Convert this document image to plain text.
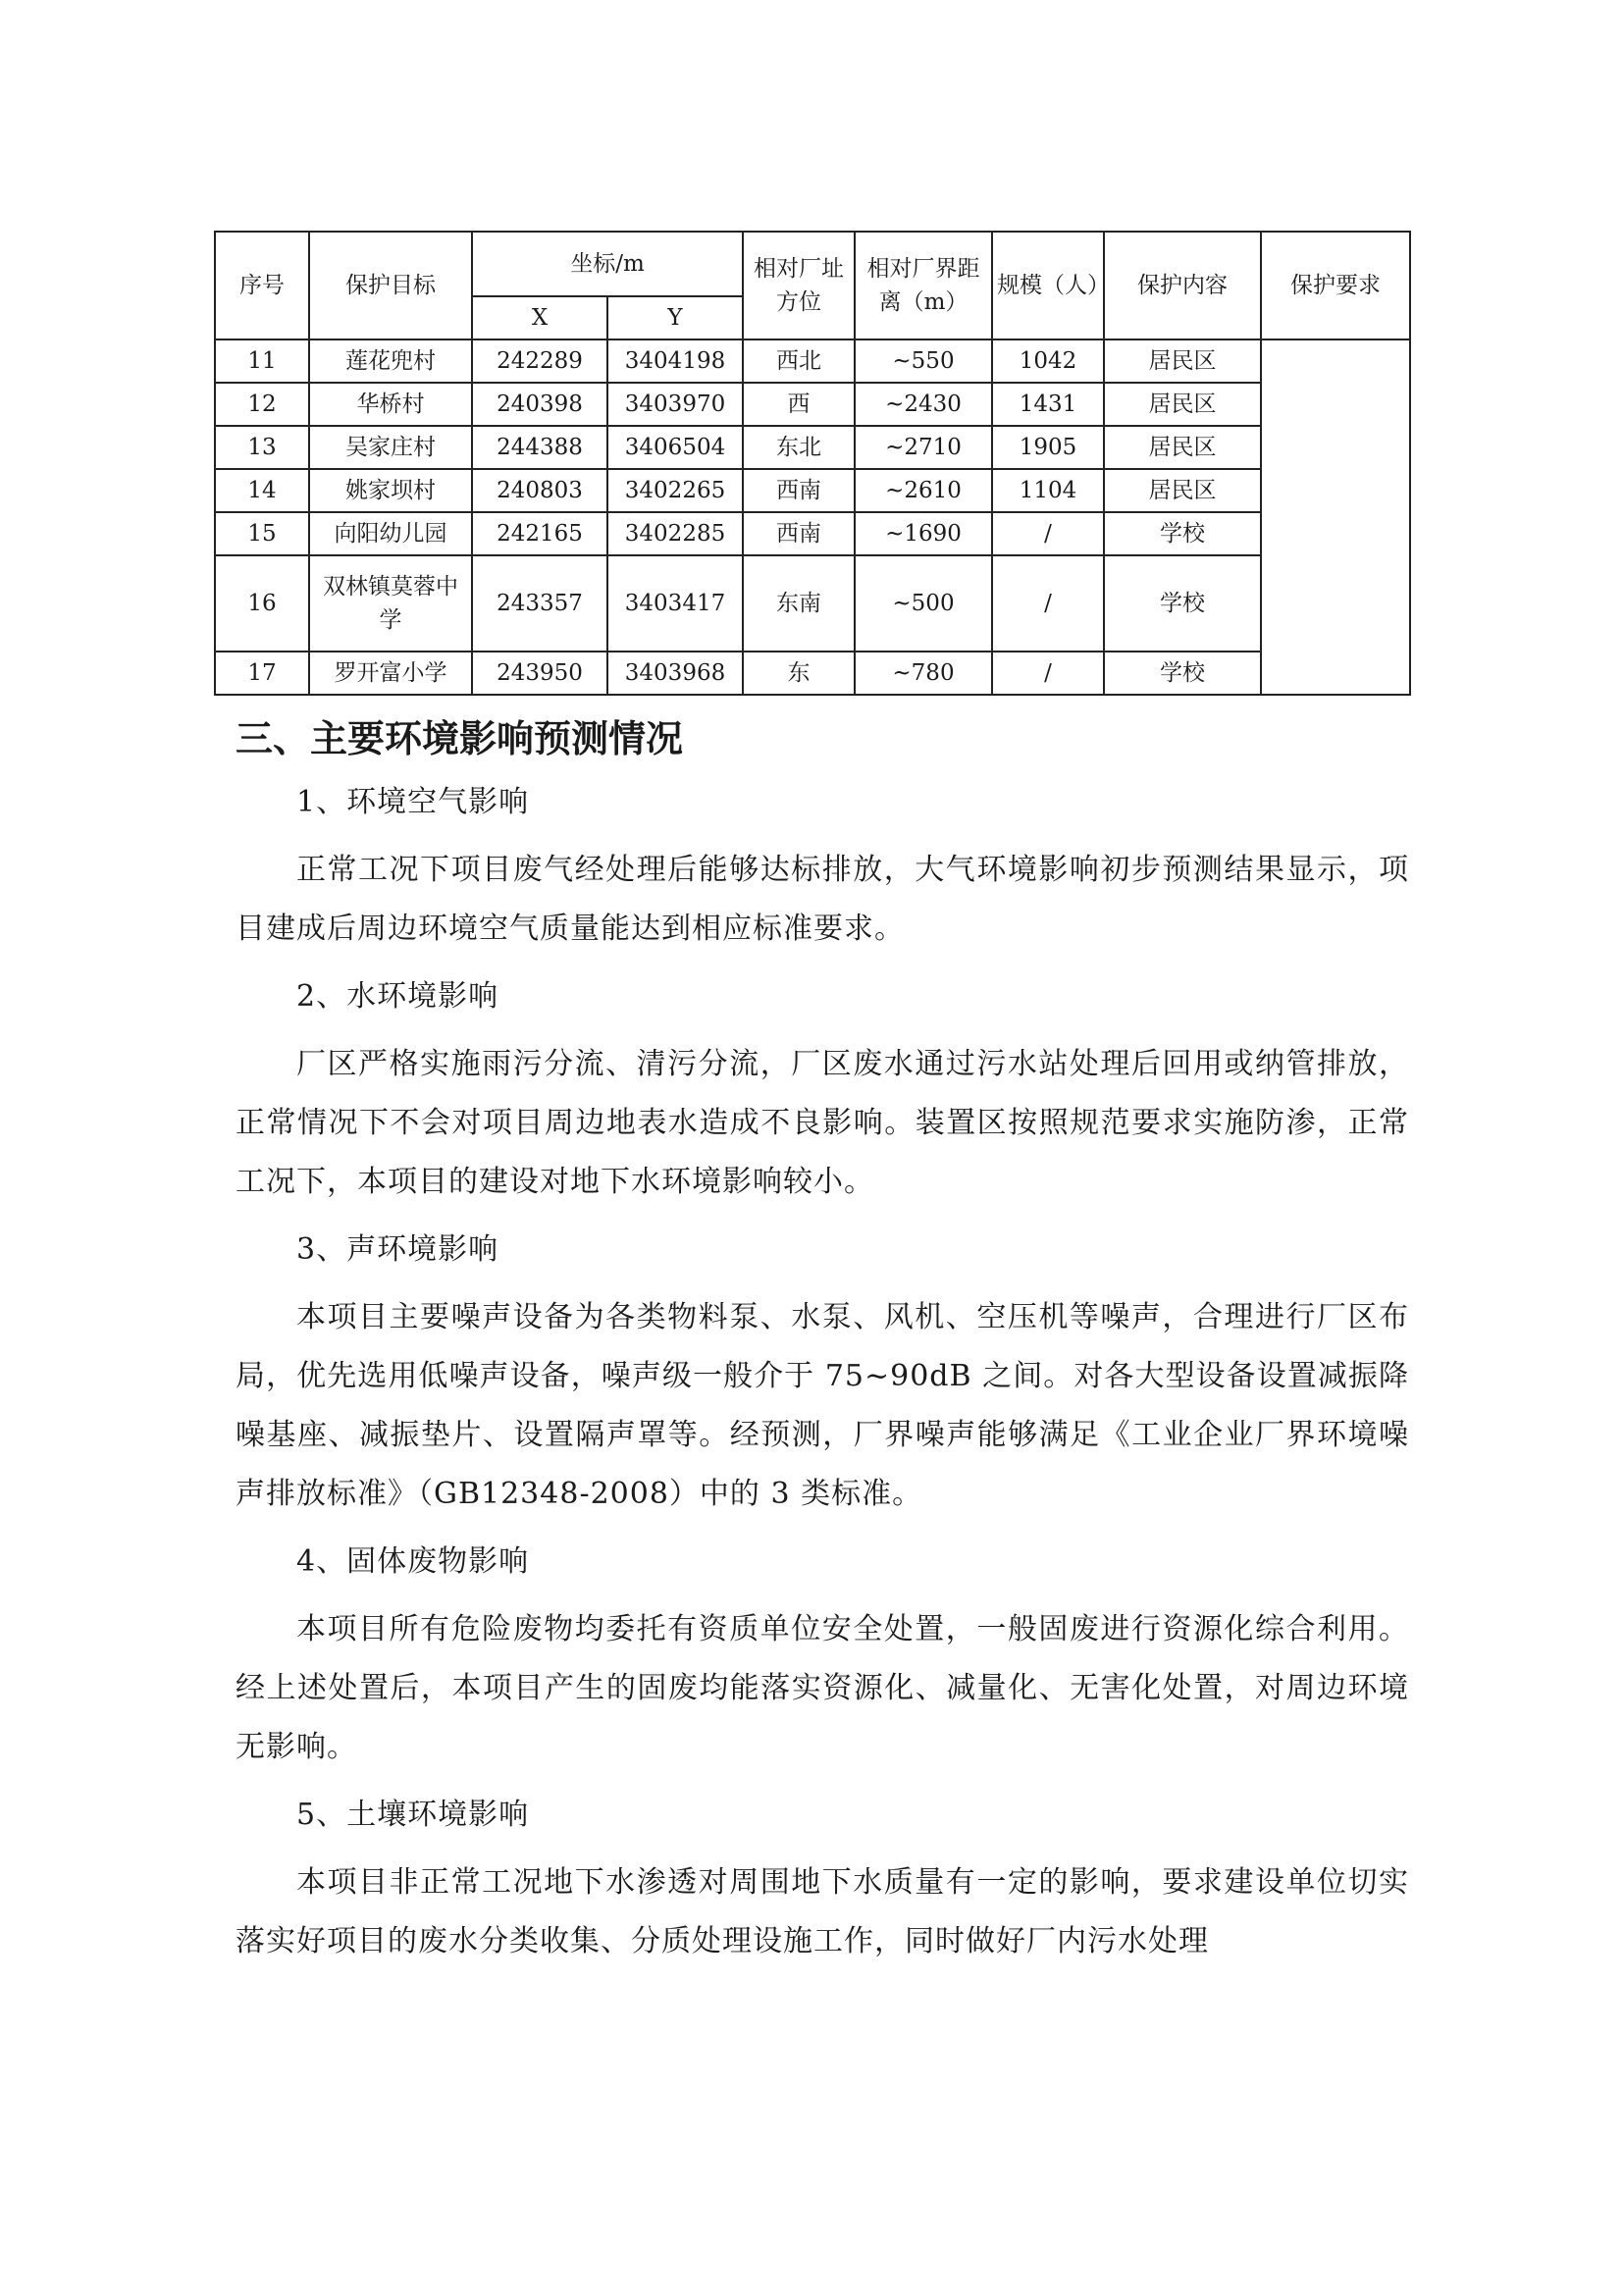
序号	保护目标	坐标/m		相对厂址方位	相对厂界距离（m）	规模（人）	保护内容	保护要求
		X	Y					
11	莲花兜村	242289	3404198	西北	~550	1042	居民区	
12	华桥村	240398	3403970	西	~2430	1431	居民区	
13	吴家庄村	244388	3406504	东北	~2710	1905	居民区	
14	姚家坝村	240803	3402265	西南	~2610	1104	居民区	
15	向阳幼儿园	242165	3402285	西南	~1690	/	学校	
16	双林镇莫蓉中学	243357	3403417	东南	~500	/	学校	
17	罗开富小学	243950	3403968	东	~780	/	学校	
三、主要环境影响预测情况
1、环境空气影响

正常工况下项目废气经处理后能够达标排放，大气环境影响初步预测结果显示，项目建成后周边环境空气质量能达到相应标准要求。

2、水环境影响

厂区严格实施雨污分流、清污分流，厂区废水通过污水站处理后回用或纳管排放，正常情况下不会对项目周边地表水造成不良影响。装置区按照规范要求实施防渗，正常工况下，本项目的建设对地下水环境影响较小。

3、声环境影响

本项目主要噪声设备为各类物料泵、水泵、风机、空压机等噪声，合理进行厂区布局，优先选用低噪声设备，噪声级一般介于 75~90dB 之间。对各大型设备设置减振降噪基座、减振垫片、设置隔声罩等。经预测，厂界噪声能够满足《工业企业厂界环境噪声排放标准》（GB12348-2008）中的 3 类标准。

4、固体废物影响

本项目所有危险废物均委托有资质单位安全处置，一般固废进行资源化综合利用。经上述处置后，本项目产生的固废均能落实资源化、减量化、无害化处置，对周边环境无影响。

5、土壤环境影响

本项目非正常工况地下水渗透对周围地下水质量有一定的影响，要求建设单位切实落实好项目的废水分类收集、分质处理设施工作，同时做好厂内污水处理
